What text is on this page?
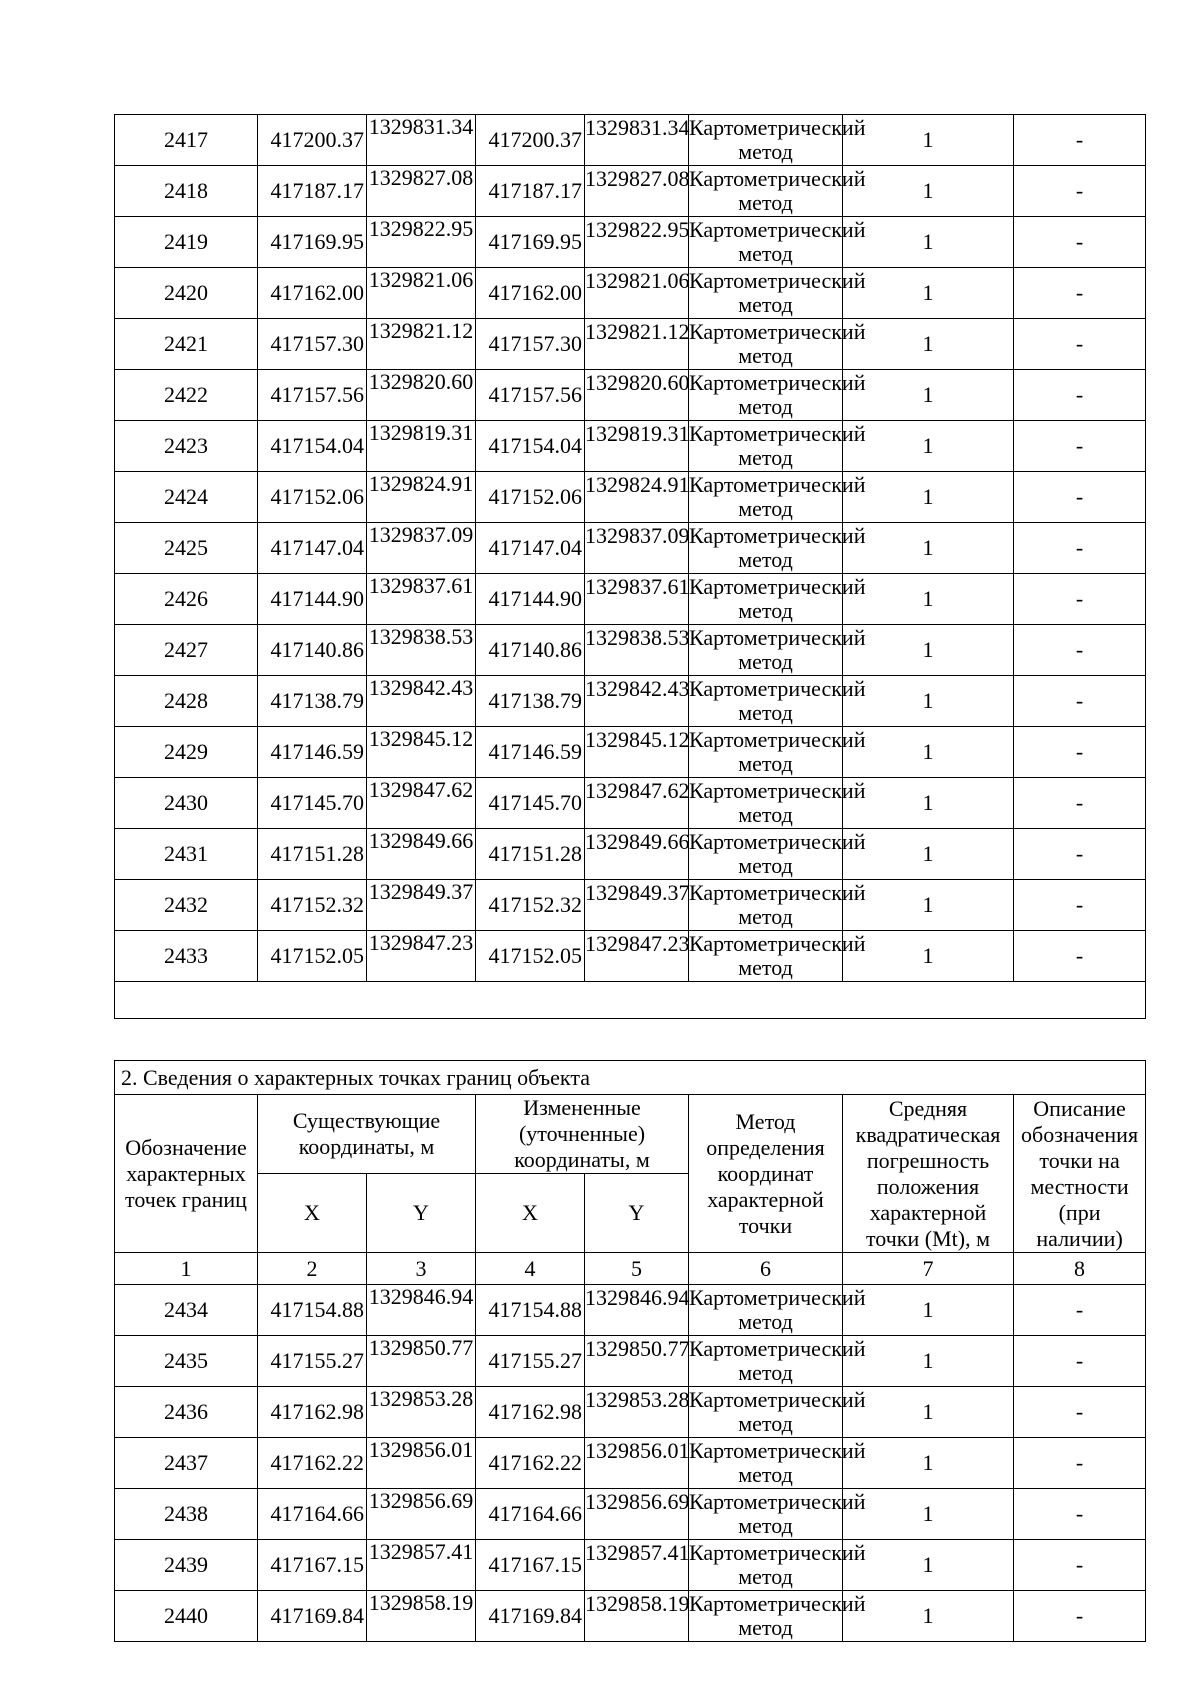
2417	417200.37	1329831.34	417200.37	1329831.34	Картометрический метод	1	-
2418	417187.17	1329827.08	417187.17	1329827.08	Картометрический метод	1	-
2419	417169.95	1329822.95	417169.95	1329822.95	Картометрический метод	1	-
2420	417162.00	1329821.06	417162.00	1329821.06	Картометрический метод	1	-
2421	417157.30	1329821.12	417157.30	1329821.12	Картометрический метод	1	-
2422	417157.56	1329820.60	417157.56	1329820.60	Картометрический метод	1	-
2423	417154.04	1329819.31	417154.04	1329819.31	Картометрический метод	1	-
2424	417152.06	1329824.91	417152.06	1329824.91	Картометрический метод	1	-
2425	417147.04	1329837.09	417147.04	1329837.09	Картометрический метод	1	-
2426	417144.90	1329837.61	417144.90	1329837.61	Картометрический метод	1	-
2427	417140.86	1329838.53	417140.86	1329838.53	Картометрический метод	1	-
2428	417138.79	1329842.43	417138.79	1329842.43	Картометрический метод	1	-
2429	417146.59	1329845.12	417146.59	1329845.12	Картометрический метод	1	-
2430	417145.70	1329847.62	417145.70	1329847.62	Картометрический метод	1	-
2431	417151.28	1329849.66	417151.28	1329849.66	Картометрический метод	1	-
2432	417152.32	1329849.37	417152.32	1329849.37	Картометрический метод	1	-
2433	417152.05	1329847.23	417152.05	1329847.23	Картометрический метод	1	-

2. Сведения о характерных точках границ объекта							
Обозначение характерных точек границ	Существующие координаты, м		Измененные (уточненные) координаты, м		Метод определения координат характерной точки	Средняя квадратическая погрешность положения характерной точки (Mt), м	Описание обозначения точки на местности (при наличии)
	X	Y	X	Y			
1	2	3	4	5	6	7	8
2434	417154.88	1329846.94	417154.88	1329846.94	Картометрический метод	1	-
2435	417155.27	1329850.77	417155.27	1329850.77	Картометрический метод	1	-
2436	417162.98	1329853.28	417162.98	1329853.28	Картометрический метод	1	-
2437	417162.22	1329856.01	417162.22	1329856.01	Картометрический метод	1	-
2438	417164.66	1329856.69	417164.66	1329856.69	Картометрический метод	1	-
2439	417167.15	1329857.41	417167.15	1329857.41	Картометрический метод	1	-
2440	417169.84	1329858.19	417169.84	1329858.19	Картометрический метод	1	-
